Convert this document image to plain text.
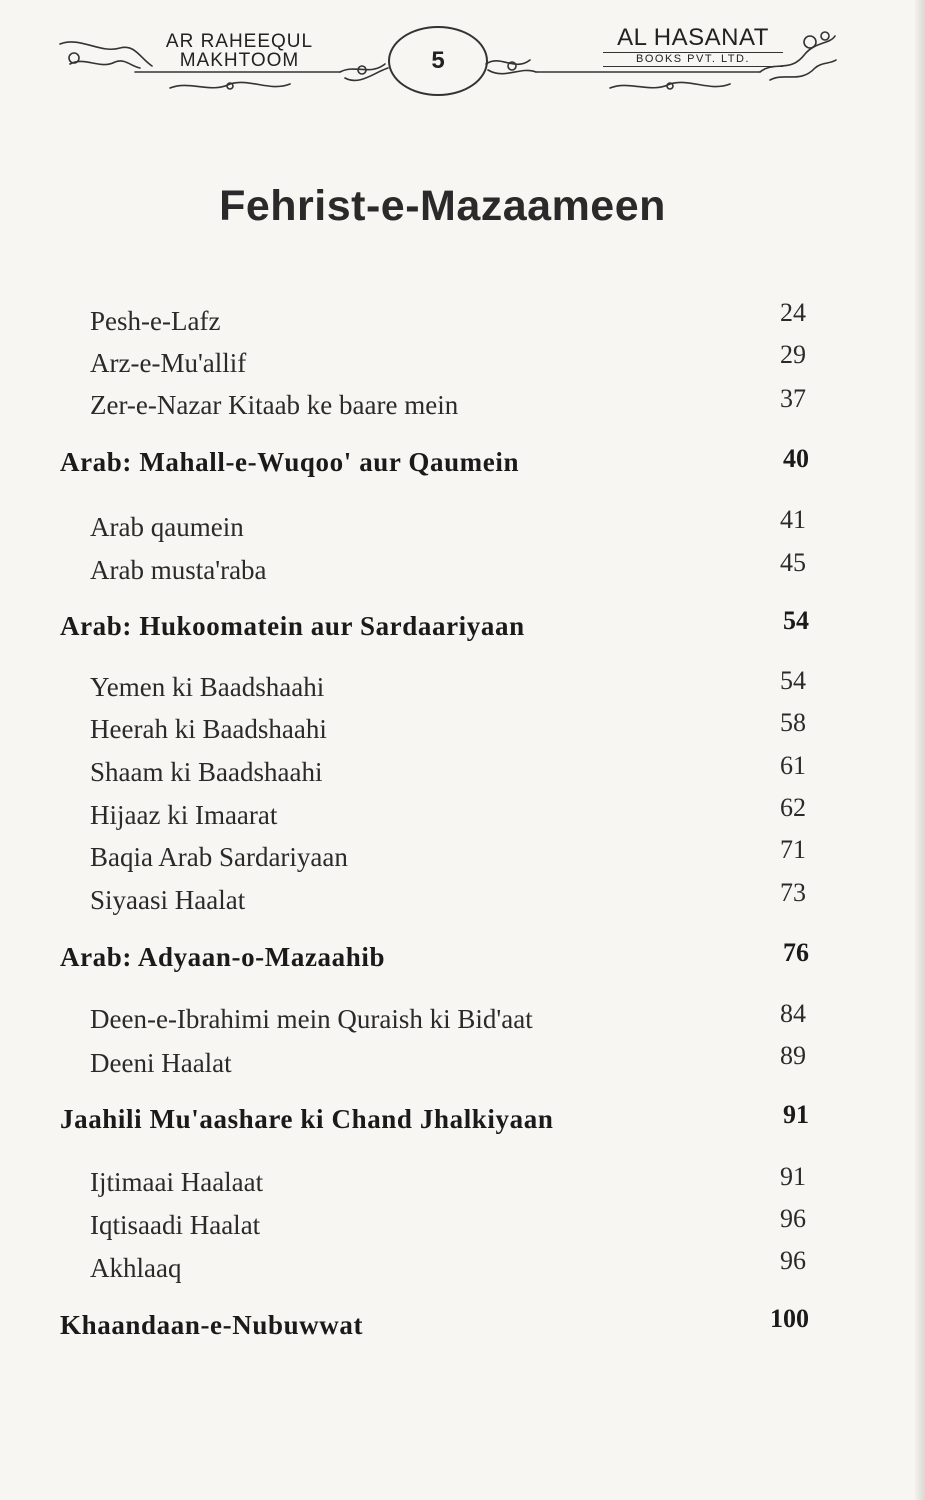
AR RAHEEQUL
MAKHTOOM	5
AL HASANAT
BOOKS PVT. LTD.
Fehrist-e-Mazaameen
Pesh-e-Lafz	24
Arz-e-Mu'allif	29
Zer-e-Nazar Kitaab ke baare mein	37
Arab: Mahall-e-Wuqoo' aur Qaumein	40
Arab qaumein	41
Arab musta'raba	45
Arab: Hukoomatein aur Sardaariyaan	54
Yemen ki Baadshaahi	54
Heerah ki Baadshaahi	58
Shaam ki Baadshaahi	61
Hijaaz ki Imaarat	62
Baqia Arab Sardariyaan	71
Siyaasi Haalat	73
Arab: Adyaan-o-Mazaahib	76
Deen-e-Ibrahimi mein Quraish ki Bid'aat	84
Deeni Haalat	89
Jaahili Mu'aashare ki Chand Jhalkiyaan	91
Ijtimaai Haalaat	91
Iqtisaadi Haalat	96
Akhlaaq	96
Khaandaan-e-Nubuwwat	100
